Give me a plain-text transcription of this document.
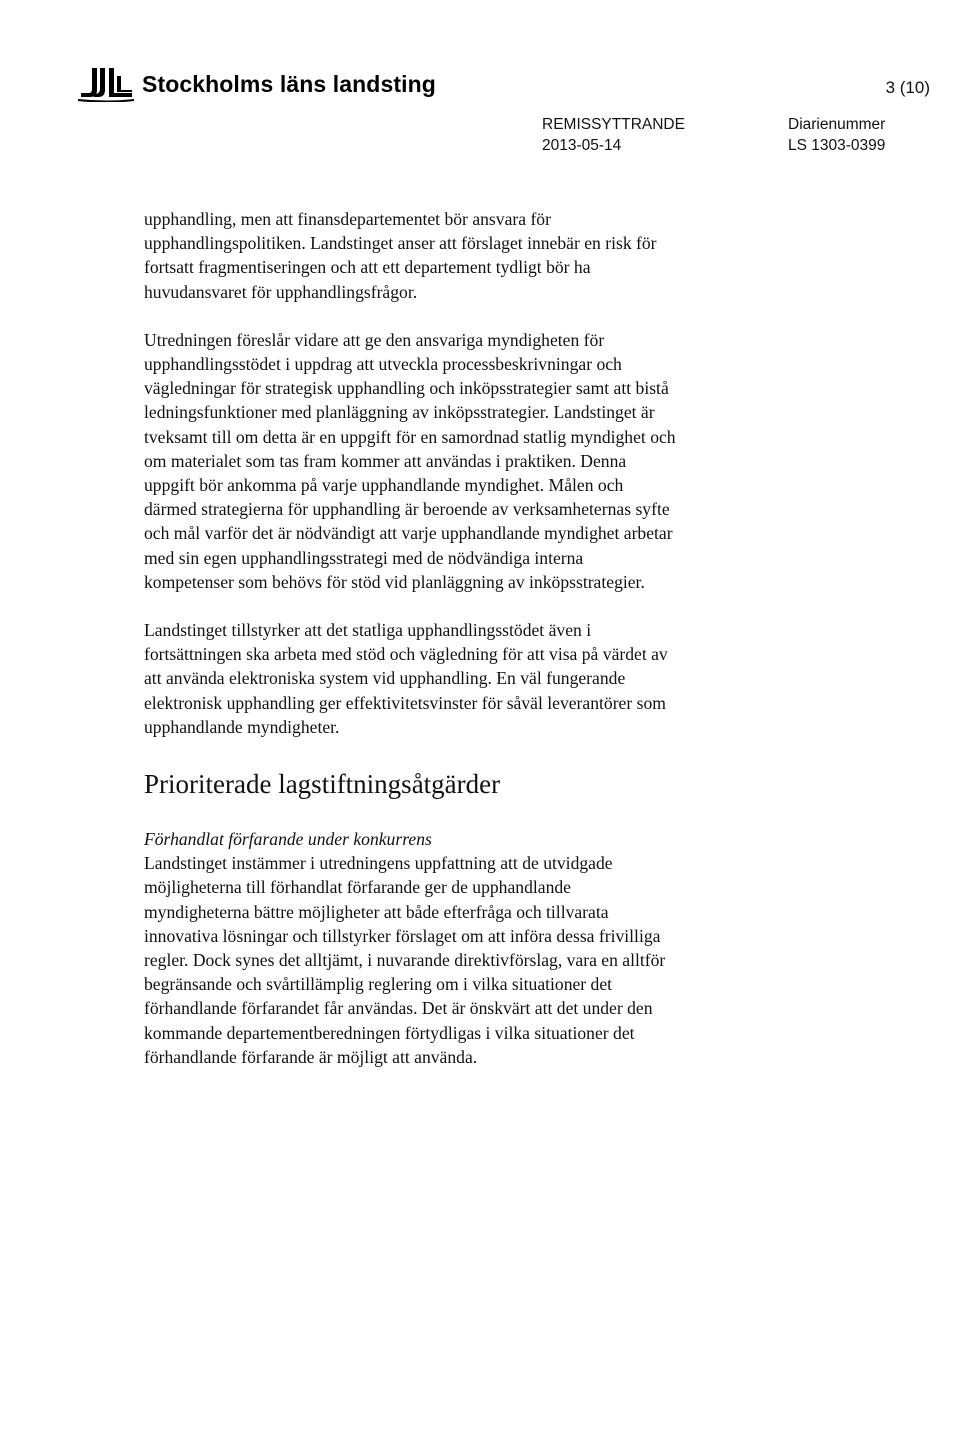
Stockholms läns landsting	3 (10)
REMISSYTTRANDE
2013-05-14
Diarienummer
LS 1303-0399

upphandling, men att finansdepartementet bör ansvara för
upphandlingspolitiken. Landstinget anser att förslaget innebär en risk för
fortsatt fragmentiseringen och att ett departement tydligt bör ha
huvudansvaret för upphandlingsfrågor.

Utredningen föreslår vidare att ge den ansvariga myndigheten för
upphandlingsstödet i uppdrag att utveckla processbeskrivningar och
vägledningar för strategisk upphandling och inköpsstrategier samt att bistå
ledningsfunktioner med planläggning av inköpsstrategier. Landstinget är
tveksamt till om detta är en uppgift för en samordnad statlig myndighet och
om materialet som tas fram kommer att användas i praktiken. Denna
uppgift bör ankomma på varje upphandlande myndighet. Målen och
därmed strategierna för upphandling är beroende av verksamheternas syfte
och mål varför det är nödvändigt att varje upphandlande myndighet arbetar
med sin egen upphandlingsstrategi med de nödvändiga interna
kompetenser som behövs för stöd vid planläggning av inköpsstrategier.

Landstinget tillstyrker att det statliga upphandlingsstödet även i
fortsättningen ska arbeta med stöd och vägledning för att visa på värdet av
att använda elektroniska system vid upphandling. En väl fungerande
elektronisk upphandling ger effektivitetsvinster för såväl leverantörer som
upphandlande myndigheter.

Prioriterade lagstiftningsåtgärder

Förhandlat förfarande under konkurrens
Landstinget instämmer i utredningens uppfattning att de utvidgade
möjligheterna till förhandlat förfarande ger de upphandlande
myndigheterna bättre möjligheter att både efterfråga och tillvarata
innovativa lösningar och tillstyrker förslaget om att införa dessa frivilliga
regler. Dock synes det alltjämt, i nuvarande direktivförslag, vara en alltför
begränsande och svårtillämplig reglering om i vilka situationer det
förhandlande förfarandet får användas. Det är önskvärt att det under den
kommande departementberedningen förtydligas i vilka situationer det
förhandlande förfarande är möjligt att använda.
